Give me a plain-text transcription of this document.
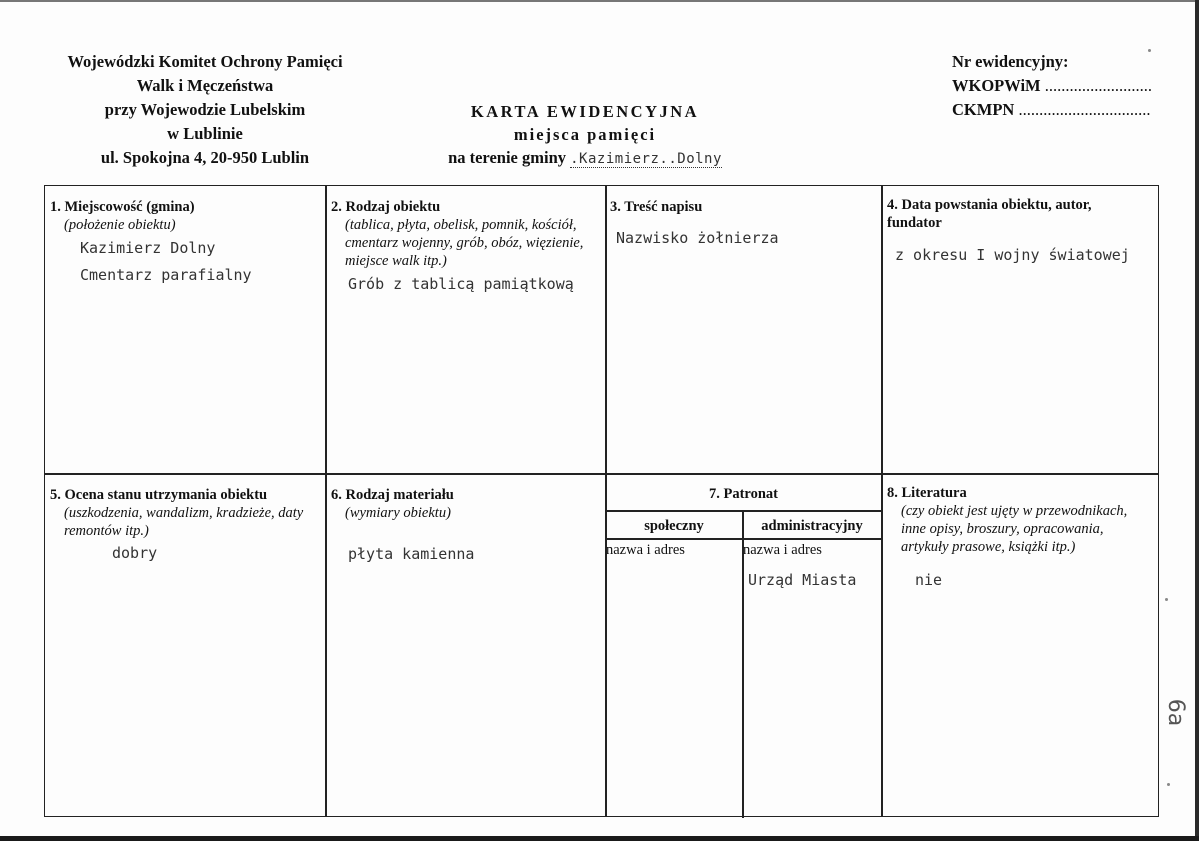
Wojewódzki Komitet Ochrony Pamięci
Walk i Męczeństwa
przy Wojewodzie Lubelskim
w Lublinie
ul. Spokojna 4, 20-950 Lublin
KARTA EWIDENCYJNA
miejsca pamięci
na terenie gminy .Kazimierz..Dolny
Nr ewidencyjny:
WKOPWiM ..........................
CKMPN ................................
1. Miejscowość (gmina)
(położenie obiektu)
Kazimierz Dolny
Cmentarz parafialny
2. Rodzaj obiektu
(tablica, płyta, obelisk, pomnik, kościół, cmentarz wojenny, grób, obóz, więzienie, miejsce walk itp.)
Grób z tablicą pamiątkową
3. Treść napisu
Nazwisko żołnierza
4. Data powstania obiektu, autor, fundator
z okresu I wojny światowej
5. Ocena stanu utrzymania obiektu
(uszkodzenia, wandalizm, kradzieże, daty remontów itp.)
dobry
6. Rodzaj materiału
(wymiary obiektu)
płyta kamienna
7. Patronat
społeczny	administracyjny
nazwa i adres	nazwa i adres
Urząd Miasta
8. Literatura
(czy obiekt jest ujęty w przewodnikach, inne opisy, broszury, opracowania, artykuły prasowe, książki itp.)
nie
6a
